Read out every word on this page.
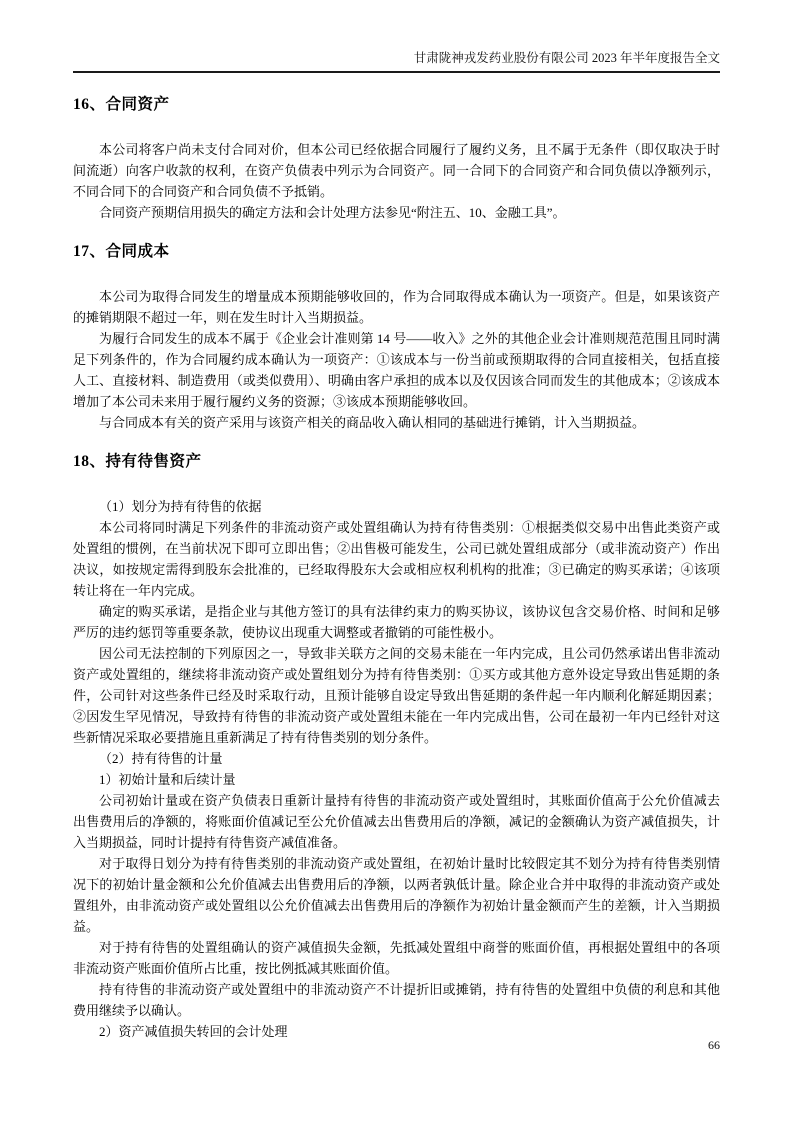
甘肃陇神戎发药业股份有限公司 2023 年半年度报告全文
16、合同资产

本公司将客户尚未支付合同对价，但本公司已经依据合同履行了履约义务，且不属于无条件（即仅取决于时间流逝）向客户收款的权利，在资产负债表中列示为合同资产。同一合同下的合同资产和合同负债以净额列示，不同合同下的合同资产和合同负债不予抵销。

合同资产预期信用损失的确定方法和会计处理方法参见“附注五、10、金融工具”。

17、合同成本

本公司为取得合同发生的增量成本预期能够收回的，作为合同取得成本确认为一项资产。但是，如果该资产的摊销期限不超过一年，则在发生时计入当期损益。

为履行合同发生的成本不属于《企业会计准则第 14 号——收入》之外的其他企业会计准则规范范围且同时满足下列条件的，作为合同履约成本确认为一项资产：①该成本与一份当前或预期取得的合同直接相关，包括直接人工、直接材料、制造费用（或类似费用）、明确由客户承担的成本以及仅因该合同而发生的其他成本；②该成本增加了本公司未来用于履行履约义务的资源；③该成本预期能够收回。

与合同成本有关的资产采用与该资产相关的商品收入确认相同的基础进行摊销，计入当期损益。

18、持有待售资产

（1）划分为持有待售的依据

本公司将同时满足下列条件的非流动资产或处置组确认为持有待售类别：①根据类似交易中出售此类资产或处置组的惯例，在当前状况下即可立即出售；②出售极可能发生，公司已就处置组成部分（或非流动资产）作出决议，如按规定需得到股东会批准的，已经取得股东大会或相应权利机构的批准；③已确定的购买承诺；④该项转让将在一年内完成。

确定的购买承诺，是指企业与其他方签订的具有法律约束力的购买协议，该协议包含交易价格、时间和足够严厉的违约惩罚等重要条款，使协议出现重大调整或者撤销的可能性极小。

因公司无法控制的下列原因之一，导致非关联方之间的交易未能在一年内完成，且公司仍然承诺出售非流动资产或处置组的，继续将非流动资产或处置组划分为持有待售类别：①买方或其他方意外设定导致出售延期的条件，公司针对这些条件已经及时采取行动，且预计能够自设定导致出售延期的条件起一年内顺利化解延期因素；②因发生罕见情况，导致持有待售的非流动资产或处置组未能在一年内完成出售，公司在最初一年内已经针对这些新情况采取必要措施且重新满足了持有待售类别的划分条件。

（2）持有待售的计量

1）初始计量和后续计量

公司初始计量或在资产负债表日重新计量持有待售的非流动资产或处置组时，其账面价值高于公允价值减去出售费用后的净额的，将账面价值减记至公允价值减去出售费用后的净额，减记的金额确认为资产减值损失，计入当期损益，同时计提持有待售资产减值准备。

对于取得日划分为持有待售类别的非流动资产或处置组，在初始计量时比较假定其不划分为持有待售类别情况下的初始计量金额和公允价值减去出售费用后的净额，以两者孰低计量。除企业合并中取得的非流动资产或处置组外，由非流动资产或处置组以公允价值减去出售费用后的净额作为初始计量金额而产生的差额，计入当期损益。

对于持有待售的处置组确认的资产减值损失金额，先抵减处置组中商誉的账面价值，再根据处置组中的各项非流动资产账面价值所占比重，按比例抵减其账面价值。

持有待售的非流动资产或处置组中的非流动资产不计提折旧或摊销，持有待售的处置组中负债的利息和其他费用继续予以确认。

2）资产减值损失转回的会计处理

66
